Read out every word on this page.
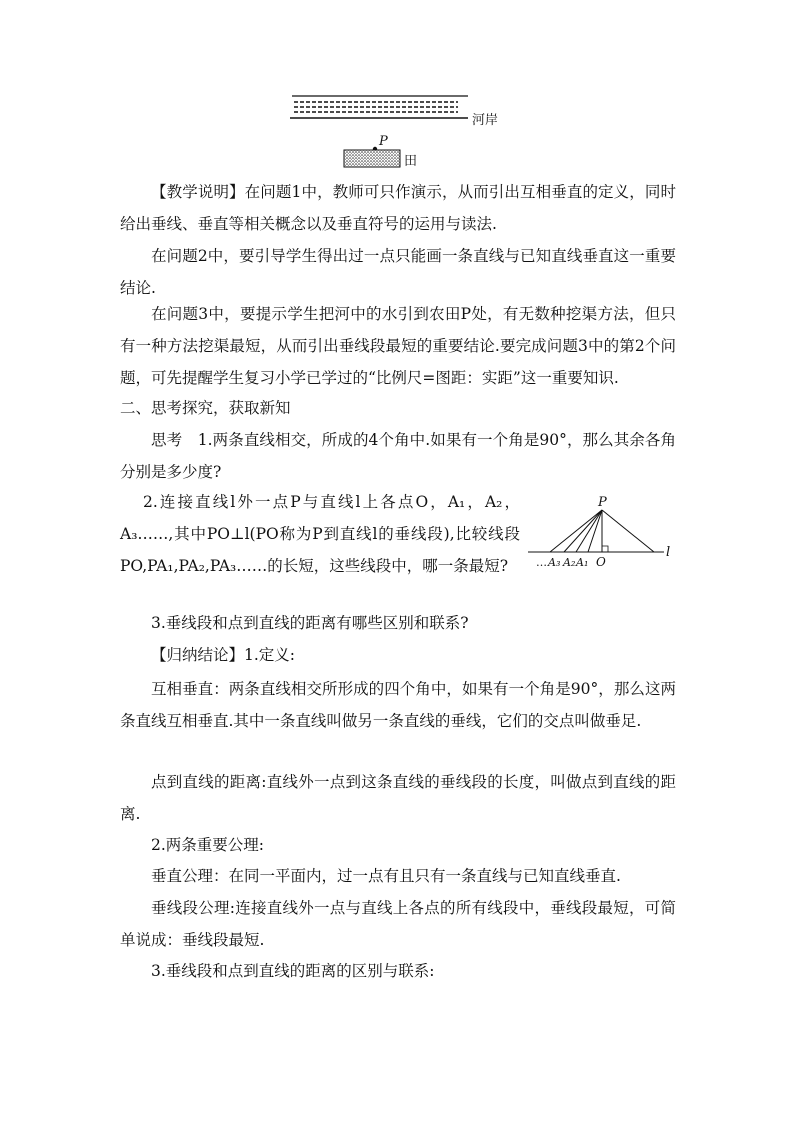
河岸
P
田

【教学说明】在问题1中，教师可只作演示，从而引出互相垂直的定义，同时给出垂线、垂直等相关概念以及垂直符号的运用与读法.

在问题2中，要引导学生得出过一点只能画一条直线与已知直线垂直这一重要结论.

在问题3中，要提示学生把河中的水引到农田P处，有无数种挖渠方法，但只有一种方法挖渠最短，从而引出垂线段最短的重要结论.要完成问题3中的第2个问题，可先提醒学生复习小学已学过的“比例尺=图距：实距”这一重要知识.

二、思考探究，获取新知

思考　1.两条直线相交，所成的4个角中.如果有一个角是90°，那么其余各角分别是多少度?

2.连接直线l外一点P与直线l上各点O，A₁，A₂，A₃……,其中PO⊥l(PO称为P到直线l的垂线段),比较线段PO,PA₁,PA₂,PA₃……的长短，这些线段中，哪一条最短?

P
l
… A₃ A₂ A₁ O

3.垂线段和点到直线的距离有哪些区别和联系?

【归纳结论】1.定义:

互相垂直：两条直线相交所形成的四个角中，如果有一个角是90°，那么这两条直线互相垂直.其中一条直线叫做另一条直线的垂线，它们的交点叫做垂足.

点到直线的距离:直线外一点到这条直线的垂线段的长度，叫做点到直线的距离.

2.两条重要公理:

垂直公理：在同一平面内，过一点有且只有一条直线与已知直线垂直.

垂线段公理:连接直线外一点与直线上各点的所有线段中，垂线段最短，可简单说成：垂线段最短.

3.垂线段和点到直线的距离的区别与联系:
